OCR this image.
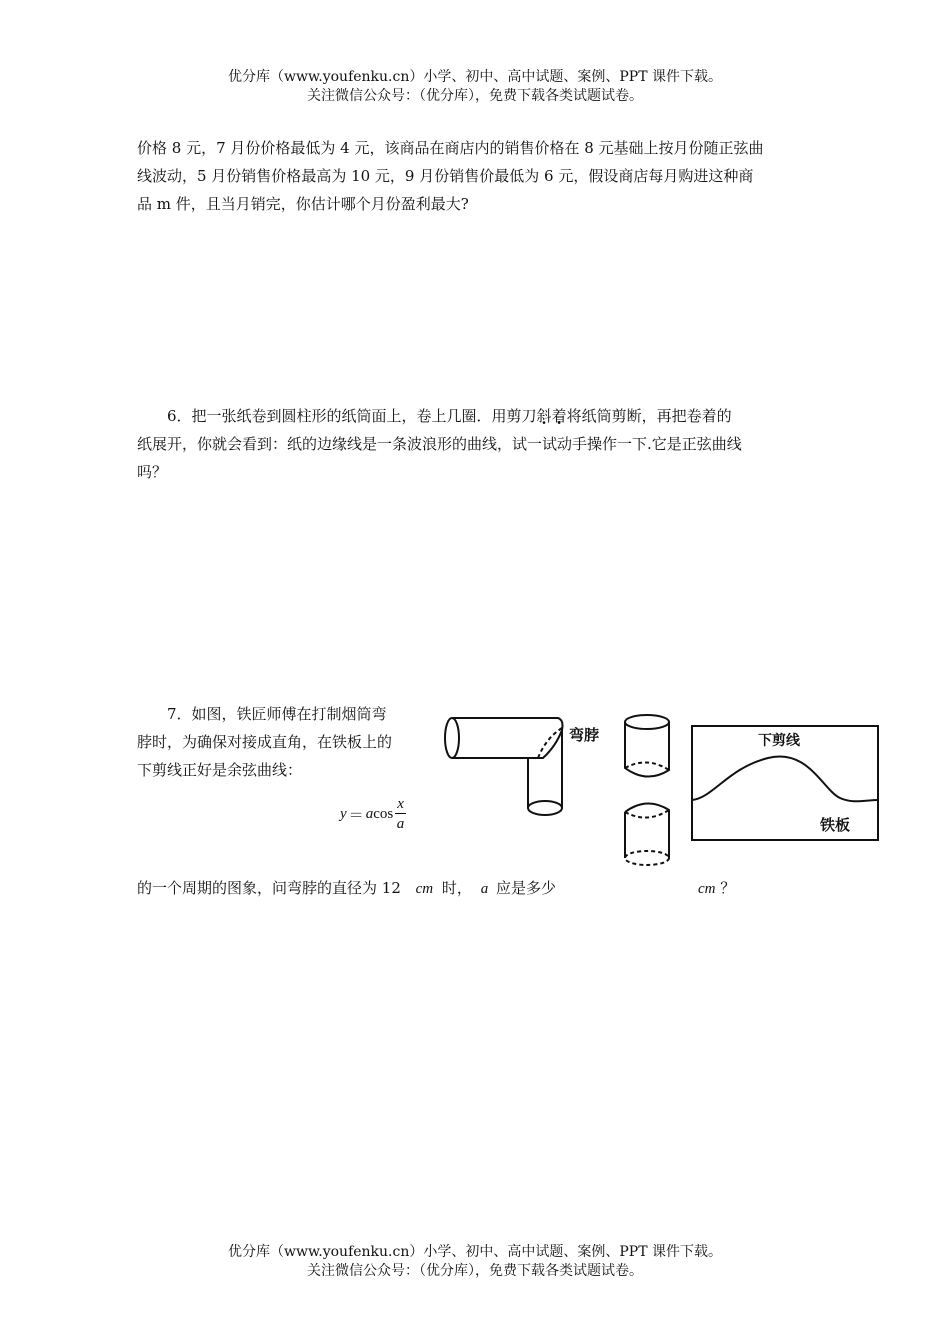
优分库（www.youfenku.cn）小学、初中、高中试题、案例、PPT 课件下载。
关注微信公众号：（优分库），免费下载各类试题试卷。
价格 8 元，7 月份价格最低为 4 元，该商品在商店内的销售价格在 8 元基础上按月份随正弦曲
线波动，5 月份销售价格最高为 10 元，9 月份销售价最低为 6 元，假设商店每月购进这种商
品 m 件，且当月销完，你估计哪个月份盈利最大?
6．把一张纸卷到圆柱形的纸筒面上，卷上几圈．用剪刀斜着将纸筒剪断，再把卷着的
纸展开，你就会看到：纸的边缘线是一条波浪形的曲线，试一试动手操作一下.它是正弦曲线
吗？
7．如图，铁匠师傅在打制烟筒弯
脖时，为确保对接成直角，在铁板上的
下剪线正好是余弦曲线：
y ＝ a $\cos \frac{x}{a}$
的一个周期的图象，问弯脖的直径为 12 cm 时， a 应是多少	cm ？
弯脖	下剪线
铁板
优分库（www.youfenku.cn）小学、初中、高中试题、案例、PPT 课件下载。
关注微信公众号：（优分库），免费下载各类试题试卷。
